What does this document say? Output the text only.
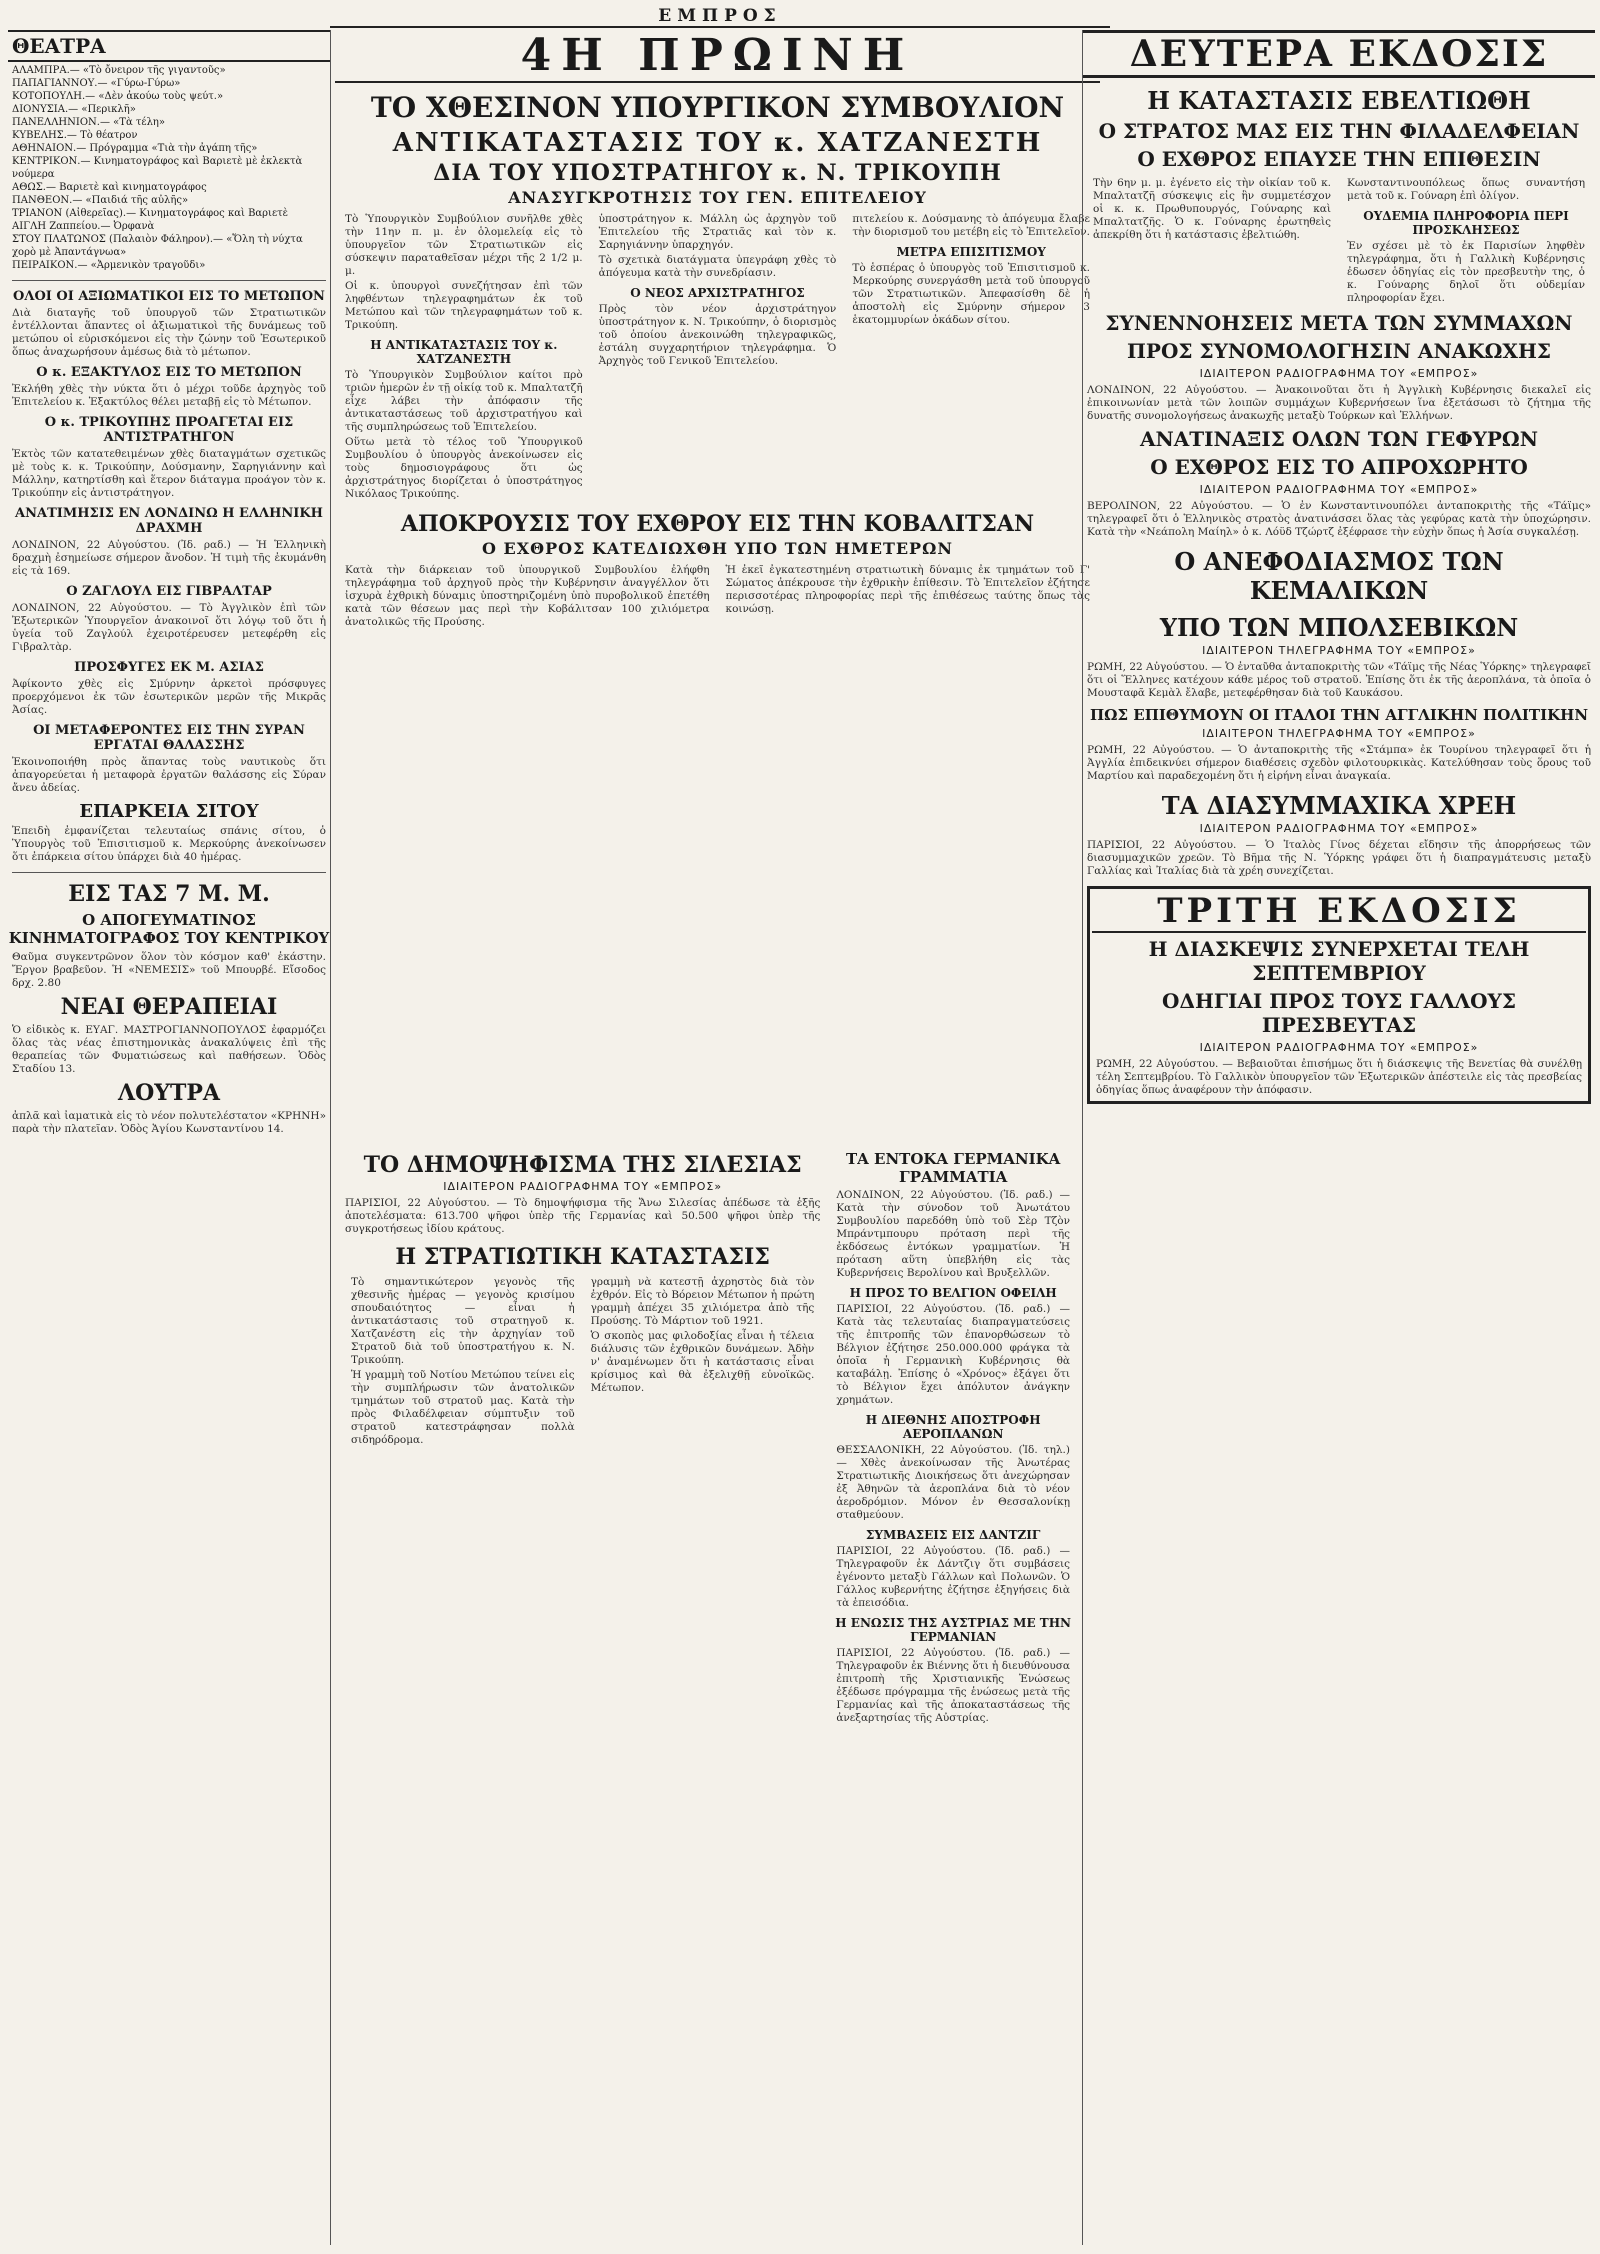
ΕΜΠΡΟΣ
ΘΕΑΤΡΑ
ΑΛΑΜΠΡΑ.— «Τὸ ὄνειρον τῆς γιγαντοῦς»
ΠΑΠΑΓΙΑΝΝΟΥ.— «Γύρω-Γύρω»
ΚΟΤΟΠΟΥΛΗ.— «Δὲν ἀκούω τοὺς ψεύτ.»
ΔΙΟΝΥΣΙΑ.— «Περικλῆ»
ΠΑΝΕΛΛΗΝΙΟΝ.— «Τὰ τέλη»
ΚΥΒΕΛΗΣ.— Τὸ θέατρον
ΑΘΗΝΑΙΟΝ.— Πρόγραμμα «Τιὰ τὴν ἀγάπη τῆς»
ΚΕΝΤΡΙΚΟΝ.— Κινηματογράφος καὶ Βαριετὲ μὲ ἐκλεκτὰ νούμερα
ΑΘΩΣ.— Βαριετὲ καὶ κινηματογράφος
ΠΑΝΘΕΟΝ.— «Παιδιά τῆς αὐλῆς»
ΤΡΙΑΝΟΝ (Αἰθερεῖας).— Κινηματογράφος καὶ Βαριετὲ
ΑΙΓΛΗ Ζαππείου.— Ὀρφανὰ
ΣΤΟΥ ΠΛΑΤΩΝΟΣ (Παλαιὸν Φάληρον).— «Ὅλη τὴ νύχτα χορὸ μὲ Ἀπαντάγνωα»
ΠΕΙΡΑΙΚΟΝ.— «Ἀρμενικὸν τραγοῦδι»
ΟΛΟΙ ΟΙ ΑΞΙΩΜΑΤΙΚΟΙ ΕΙΣ ΤΟ ΜΕΤΩΠΟΝ
Διὰ διαταγῆς τοῦ ὑπουργοῦ τῶν Στρατιωτικῶν ἐντέλλονται ἅπαντες οἱ ἀξιωματικοὶ τῆς δυνάμεως τοῦ μετώπου οἱ εὑρισκόμενοι εἰς τὴν ζώνην τοῦ Ἐσωτερικοῦ ὅπως ἀναχωρήσουν ἀμέσως διὰ τὸ μέτωπον.
Ο κ. ΕΞΑΚΤΥΛΟΣ ΕΙΣ ΤΟ ΜΕΤΩΠΟΝ
Ἐκλήθη χθὲς τὴν νύκτα ὅτι ὁ μέχρι τοῦδε ἀρχηγὸς τοῦ Ἐπιτελείου κ. Ἐξακτύλος θέλει μεταβῇ εἰς τὸ Μέτωπον.
Ο κ. ΤΡΙΚΟΥΠΗΣ ΠΡΟΑΓΕΤΑΙ ΕΙΣ ΑΝΤΙΣΤΡΑΤΗΓΟΝ
Ἐκτὸς τῶν κατατεθειμένων χθὲς διαταγμάτων σχετικῶς μὲ τοὺς κ. κ. Τρικούπην, Δούσμανην, Σαρηγιάννην καὶ Μάλλην, κατηρτίσθη καὶ ἕτερον διάταγμα προάγον τὸν κ. Τρικούπην εἰς ἀντιστράτηγον.
ΑΝΑΤΙΜΗΣΙΣ ΕΝ ΛΟΝΔΙΝΩ Η ΕΛΛΗΝΙΚΗ ΔΡΑΧΜΗ
ΛΟΝΔΙΝΟΝ, 22 Αὐγούστου. (Ἰδ. ραδ.) — Ἡ Ἑλληνικὴ δραχμὴ ἐσημείωσε σήμερον ἄνοδον. Ἡ τιμὴ τῆς ἐκυμάνθη εἰς τὰ 169.
Ο ΖΑΓΛΟΥΛ ΕΙΣ ΓΙΒΡΑΛΤΑΡ
ΛΟΝΔΙΝΟΝ, 22 Αὐγούστου. — Τὸ Ἀγγλικὸν ἐπὶ τῶν Ἐξωτερικῶν Ὑπουργεῖον ἀνακοινοῖ ὅτι λόγῳ τοῦ ὅτι ἡ ὑγεία τοῦ Ζαγλούλ ἐχειροτέρευσεν μετεφέρθη εἰς Γιβραλτὰρ.
ΠΡΟΣΦΥΓΕΣ ΕΚ Μ. ΑΣΙΑΣ
Ἀφίκοντο χθὲς εἰς Σμύρνην ἀρκετοὶ πρόσφυγες προερχόμενοι ἐκ τῶν ἐσωτερικῶν μερῶν τῆς Μικρᾶς Ἀσίας.
ΟΙ ΜΕΤΑΦΕΡΟΝΤΕΣ ΕΙΣ ΤΗΝ ΣΥΡΑΝ ΕΡΓΑΤΑΙ ΘΑΛΑΣΣΗΣ
Ἐκοινοποιήθη πρὸς ἅπαντας τοὺς ναυτικοὺς ὅτι ἀπαγορεύεται ἡ μεταφορὰ ἐργατῶν θαλάσσης εἰς Σύραν ἄνευ ἀδείας.
ΕΠΑΡΚΕΙΑ ΣΙΤΟΥ
Ἐπειδὴ ἐμφανίζεται τελευταίως σπάνις σίτου, ὁ Ὑπουργὸς τοῦ Ἐπισιτισμοῦ κ. Μερκούρης ἀνεκοίνωσεν ὅτι ἐπάρκεια σίτου ὑπάρχει διὰ 40 ἡμέρας.
ΕΙΣ ΤΑΣ 7 Μ. Μ.
Ο ΑΠΟΓΕΥΜΑΤΙΝΟΣ ΚΙΝΗΜΑΤΟΓΡΑΦΟΣ ΤΟΥ ΚΕΝΤΡΙΚΟΥ
Θαῦμα συγκεντρῶνον ὅλον τὸν κόσμον καθ' ἑκάστην. Ἔργον βραβεῦον. Ἡ «ΝΕΜΕΣΙΣ» τοῦ Μπουρβέ. Εἴσοδος δρχ. 2.80
ΝΕΑΙ ΘΕΡΑΠΕΙΑΙ
Ὁ εἰδικὸς κ. ΕΥΑΓ. ΜΑΣΤΡΟΓΙΑΝΝΟΠΟΥΛΟΣ ἐφαρμόζει ὅλας τὰς νέας ἐπιστημονικὰς ἀνακαλύψεις ἐπὶ τῆς θεραπείας τῶν Φυματιώσεως καὶ παθήσεων. Ὁδὸς Σταδίου 13.
ΛΟΥΤΡΑ
ἀπλᾶ καὶ ἰαματικὰ εἰς τὸ νέον πολυτελέστατον «ΚΡΗΝΗ» παρὰ τὴν πλατεῖαν. Ὁδὸς Ἁγίου Κωνσταντίνου 14.
4Η ΠΡΩΙΝΗ
ΤΟ ΧΘΕΣΙΝΟΝ ΥΠΟΥΡΓΙΚΟΝ ΣΥΜΒΟΥΛΙΟΝ
ΑΝΤΙΚΑΤΑΣΤΑΣΙΣ ΤΟΥ κ. ΧΑΤΖΑΝΕΣΤΗ
ΔΙΑ ΤΟΥ ΥΠΟΣΤΡΑΤΗΓΟΥ κ. Ν. ΤΡΙΚΟΥΠΗ
ΑΝΑΣΥΓΚΡΟΤΗΣΙΣ ΤΟΥ ΓΕΝ. ΕΠΙΤΕΛΕΙΟΥ
Τὸ Ὑπουργικὸν Συμβούλιον συνῆλθε χθὲς τὴν 11ην π. μ. ἐν ὁλομελείᾳ εἰς τὸ ὑπουργεῖον τῶν Στρατιωτικῶν εἰς σύσκεψιν παραταθεῖσαν μέχρι τῆς 2 1/2 μ. μ.
Οἱ κ. ὑπουργοὶ συνεζήτησαν ἐπὶ τῶν ληφθέντων τηλεγραφημάτων ἐκ τοῦ Μετώπου καὶ τῶν τηλεγραφημάτων τοῦ κ. Τρικούπη.
Η ΑΝΤΙΚΑΤΑΣΤΑΣΙΣ ΤΟΥ κ. ΧΑΤΖΑΝΕΣΤΗ
Τὸ Ὑπουργικὸν Συμβούλιον καίτοι πρὸ τριῶν ἡμερῶν ἐν τῇ οἰκίᾳ τοῦ κ. Μπαλτατζῆ εἶχε λάβει τὴν ἀπόφασιν τῆς ἀντικαταστάσεως τοῦ ἀρχιστρατήγου καὶ τῆς συμπληρώσεως τοῦ Ἐπιτελείου.
Οὕτω μετὰ τὸ τέλος τοῦ Ὑπουργικοῦ Συμβουλίου ὁ ὑπουργὸς ἀνεκοίνωσεν εἰς τοὺς δημοσιογράφους ὅτι ὡς ἀρχιστράτηγος διορίζεται ὁ ὑποστράτηγος Νικόλαος Τρικούπης.
ὑποστράτηγον κ. Μάλλη ὡς ἀρχηγὸν τοῦ Ἐπιτελείου τῆς Στρατιᾶς καὶ τὸν κ. Σαρηγιάννην ὑπαρχηγόν.
Τὸ σχετικὰ διατάγματα ὑπεγράφη χθὲς τὸ ἀπόγευμα κατὰ τὴν συνεδρίασιν.
Ο ΝΕΟΣ ΑΡΧΙΣΤΡΑΤΗΓΟΣ
Πρὸς τὸν νέον ἀρχιστράτηγον ὑποστράτηγον κ. Ν. Τρικούπην, ὁ διορισμὸς τοῦ ὁποίου ἀνεκοινώθη τηλεγραφικῶς, ἐστάλη συγχαρητήριον τηλεγράφημα. Ὁ Ἀρχηγὸς τοῦ Γενικοῦ Ἐπιτελείου.
πιτελείου κ. Δούσμανης τὸ ἀπόγευμα ἔλαβε τὴν διορισμοῦ του μετέβη εἰς τὸ Ἐπιτελεῖον.
ΜΕΤΡΑ ΕΠΙΣΙΤΙΣΜΟΥ
Τὸ ἑσπέρας ὁ ὑπουργὸς τοῦ Ἐπισιτισμοῦ κ. Μερκούρης συνεργάσθη μετὰ τοῦ ὑπουργοῦ τῶν Στρατιωτικῶν. Ἀπεφασίσθη δὲ ἡ ἀποστολὴ εἰς Σμύρνην σήμερον 3 ἑκατομμυρίων ὀκάδων σίτου.
ΑΠΟΚΡΟΥΣΙΣ ΤΟΥ ΕΧΘΡΟΥ ΕΙΣ ΤΗΝ ΚΟΒΑΛΙΤΣΑΝ
Ο ΕΧΘΡΟΣ ΚΑΤΕΔΙΩΧΘΗ ΥΠΟ ΤΩΝ ΗΜΕΤΕΡΩΝ
Κατὰ τὴν διάρκειαν τοῦ ὑπουργικοῦ Συμβουλίου ἐλήφθη τηλεγράφημα τοῦ ἀρχηγοῦ πρὸς τὴν Κυβέρνησιν ἀναγγέλλον ὅτι ἰσχυρὰ ἐχθρικὴ δύναμις ὑποστηριζομένη ὑπὸ πυροβολικοῦ ἐπετέθη κατὰ τῶν θέσεων μας περὶ τὴν Κοβάλιτσαν 100 χιλιόμετρα ἀνατολικῶς τῆς Προύσης.
Ἡ ἐκεῖ ἐγκατεστημένη στρατιωτικὴ δύναμις ἐκ τμημάτων τοῦ Γ' Σώματος ἀπέκρουσε τὴν ἐχθρικὴν ἐπίθεσιν. Τὸ Ἐπιτελεῖον ἐζήτησε περισσοτέρας πληροφορίας περὶ τῆς ἐπιθέσεως ταύτης ὅπως τὰς κοινώσῃ.
ΤΟ ΔΗΜΟΨΗΦΙΣΜΑ ΤΗΣ ΣΙΛΕΣΙΑΣ
ΙΔΙΑΙΤΕΡΟΝ ΡΑΔΙΟΓΡΑΦΗΜΑ ΤΟΥ «ΕΜΠΡΟΣ»
ΠΑΡΙΣΙΟΙ, 22 Αὐγούστου. — Τὸ δημοψήφισμα τῆς Ἄνω Σιλεσίας ἀπέδωσε τὰ ἑξῆς ἀποτελέσματα: 613.700 ψῆφοι ὑπὲρ τῆς Γερμανίας καὶ 50.500 ψῆφοι ὑπὲρ τῆς συγκροτήσεως ἰδίου κράτους.
Η ΣΤΡΑΤΙΩΤΙΚΗ ΚΑΤΑΣΤΑΣΙΣ
Τὸ σημαντικώτερον γεγονὸς τῆς χθεσινῆς ἡμέρας — γεγονὸς κρισίμου σπουδαιότητος — εἶναι ἡ ἀντικατάστασις τοῦ στρατηγοῦ κ. Χατζανέστη εἰς τὴν ἀρχηγίαν τοῦ Στρατοῦ διὰ τοῦ ὑποστρατήγου κ. Ν. Τρικούπη.
Ἡ γραμμὴ τοῦ Νοτίου Μετώπου τείνει εἰς τὴν συμπλήρωσιν τῶν ἀνατολικῶν τμημάτων τοῦ στρατοῦ μας. Κατὰ τὴν πρὸς Φιλαδέλφειαν σύμπτυξιν τοῦ στρατοῦ κατεστράφησαν πολλὰ σιδηρόδρομα.
γραμμὴ νὰ κατεστῇ ἀχρηστὸς διὰ τὸν ἐχθρόν. Εἰς τὸ Βόρειον Μέτωπον ἡ πρώτη γραμμὴ ἀπέχει 35 χιλιόμετρα ἀπὸ τῆς Προύσης. Τὸ Μάρτιον τοῦ 1921.
Ὁ σκοπὸς μας φιλοδοξίας εἶναι ἡ τέλεια διάλυσις τῶν ἐχθρικῶν δυνάμεων. Ἀδὴν ν' ἀναμένωμεν ὅτι ἡ κατάστασις εἶναι κρίσιμος καὶ θὰ ἐξελιχθῇ εὐνοϊκῶς. Μέτωπον.
ΤΑ ΕΝΤΟΚΑ ΓΕΡΜΑΝΙΚΑ ΓΡΑΜΜΑΤΙΑ
ΛΟΝΔΙΝΟΝ, 22 Αὐγούστου. (Ἰδ. ραδ.) — Κατὰ τὴν σύνοδον τοῦ Ἀνωτάτου Συμβουλίου παρεδόθη ὑπὸ τοῦ Σὲρ Τζὸν Μπράντμπουρυ πρόταση περὶ τῆς ἐκδόσεως ἐντόκων γραμματίων. Ἡ πρόταση αὕτη ὑπεβλήθη εἰς τὰς Κυβερνήσεις Βερολίνου καὶ Βρυξελλῶν.
Η ΠΡΟΣ ΤΟ ΒΕΛΓΙΟΝ ΟΦΕΙΛΗ
ΠΑΡΙΣΙΟΙ, 22 Αὐγούστου. (Ἰδ. ραδ.) — Κατὰ τὰς τελευταίας διαπραγματεύσεις τῆς ἐπιτροπῆς τῶν ἐπανορθώσεων τὸ Βέλγιον ἐζήτησε 250.000.000 φράγκα τὰ ὁποῖα ἡ Γερμανικὴ Κυβέρνησις θὰ καταβάλῃ. Ἐπίσης ὁ «Χρόνος» ἐξάγει ὅτι τὸ Βέλγιον ἔχει ἀπόλυτον ἀνάγκην χρημάτων.
Η ΔΙΕΘΝΗΣ ΑΠΟΣΤΡΟΦΗ ΑΕΡΟΠΛΑΝΩΝ
ΘΕΣΣΑΛΟΝΙΚΗ, 22 Αὐγούστου. (Ἰδ. τηλ.) — Χθὲς ἀνεκοίνωσαν τῆς Ἀνωτέρας Στρατιωτικῆς Διοικήσεως ὅτι ἀνεχώρησαν ἐξ Ἀθηνῶν τὰ ἀεροπλάνα διὰ τὸ νέον ἀεροδρόμιον. Μόνον ἐν Θεσσαλονίκῃ σταθμεύουν.
ΣΥΜΒΑΣΕΙΣ ΕΙΣ ΔΑΝΤΖΙΓ
ΠΑΡΙΣΙΟΙ, 22 Αὐγούστου. (Ἰδ. ραδ.) — Τηλεγραφοῦν ἐκ Δάντζιγ ὅτι συμβάσεις ἐγένοντο μεταξὺ Γάλλων καὶ Πολωνῶν. Ὁ Γάλλος κυβερνήτης ἐζήτησε ἐξηγήσεις διὰ τὰ ἐπεισόδια.
Η ΕΝΩΣΙΣ ΤΗΣ ΑΥΣΤΡΙΑΣ ΜΕ ΤΗΝ ΓΕΡΜΑΝΙΑΝ
ΠΑΡΙΣΙΟΙ, 22 Αὐγούστου. (Ἰδ. ραδ.) — Τηλεγραφοῦν ἐκ Βιέννης ὅτι ἡ διευθύνουσα ἐπιτροπὴ τῆς Χριστιανικῆς Ἑνώσεως ἐξέδωσε πρόγραμμα τῆς ἑνώσεως μετὰ τῆς Γερμανίας καὶ τῆς ἀποκαταστάσεως τῆς ἀνεξαρτησίας τῆς Αὐστρίας.
ΔΕΥΤΕΡΑ ΕΚΔΟΣΙΣ
Η ΚΑΤΑΣΤΑΣΙΣ ΕΒΕΛΤΙΩΘΗ
Ο ΣΤΡΑΤΟΣ ΜΑΣ ΕΙΣ ΤΗΝ ΦΙΛΑΔΕΛΦΕΙΑΝ
Ο ΕΧΘΡΟΣ ΕΠΑΥΣΕ ΤΗΝ ΕΠΙΘΕΣΙΝ
Τὴν 6ην μ. μ. ἐγένετο εἰς τὴν οἰκίαν τοῦ κ. Μπαλτατζῆ σύσκεψις εἰς ἣν συμμετέσχον οἱ κ. κ. Πρωθυπουργός, Γούναρης καὶ Μπαλτατζῆς. Ὁ κ. Γούναρης ἐρωτηθεὶς ἀπεκρίθη ὅτι ἡ κατάστασις ἐβελτιώθη.
Κωνσταντινουπόλεως ὅπως συναντήση μετὰ τοῦ κ. Γούναρη ἐπὶ ὀλίγον.
ΟΥΔΕΜΙΑ ΠΛΗΡΟΦΟΡΙΑ ΠΕΡΙ ΠΡΟΣΚΛΗΣΕΩΣ
Ἐν σχέσει μὲ τὸ ἐκ Παρισίων ληφθὲν τηλεγράφημα, ὅτι ἡ Γαλλικὴ Κυβέρνησις ἐδωσεν ὁδηγίας εἰς τὸν πρεσβευτὴν της, ὁ κ. Γούναρης δηλοῖ ὅτι οὐδεμίαν πληροφορίαν ἔχει.
ΣΥΝΕΝΝΟΗΣΕΙΣ ΜΕΤΑ ΤΩΝ ΣΥΜΜΑΧΩΝ
ΠΡΟΣ ΣΥΝΟΜΟΛΟΓΗΣΙΝ ΑΝΑΚΩΧΗΣ
ΙΔΙΑΙΤΕΡΟΝ ΡΑΔΙΟΓΡΑΦΗΜΑ ΤΟΥ «ΕΜΠΡΟΣ»
ΛΟΝΔΙΝΟΝ, 22 Αὐγούστου. — Ἀνακοινοῦται ὅτι ἡ Ἀγγλικὴ Κυβέρνησις διεκαλεῖ εἰς ἐπικοινωνίαν μετὰ τῶν λοιπῶν συμμάχων Κυβερνήσεων ἵνα ἐξετάσωσι τὸ ζήτημα τῆς δυνατῆς συνομολογήσεως ἀνακωχῆς μεταξὺ Τούρκων καὶ Ἑλλήνων.
ΑΝΑΤΙΝΑΞΙΣ ΟΛΩΝ ΤΩΝ ΓΕΦΥΡΩΝ
Ο ΕΧΘΡΟΣ ΕΙΣ ΤΟ ΑΠΡΟΧΩΡΗΤΟ
ΙΔΙΑΙΤΕΡΟΝ ΡΑΔΙΟΓΡΑΦΗΜΑ ΤΟΥ «ΕΜΠΡΟΣ»
ΒΕΡΟΛΙΝΟΝ, 22 Αὐγούστου. — Ὁ ἐν Κωνσταντινουπόλει ἀνταποκριτὴς τῆς «Τάϊμς» τηλεγραφεῖ ὅτι ὁ Ἑλληνικὸς στρατὸς ἀνατινάσσει ὅλας τὰς γεφύρας κατὰ τὴν ὑποχώρησιν. Κατὰ τὴν «Νεάπολη Μαίηλ» ὁ κ. Λόϋδ Τζώρτζ ἐξέφρασε τὴν εὐχὴν ὅπως ἡ Ἀσία συγκαλέσῃ.
Ο ΑΝΕΦΟΔΙΑΣΜΟΣ ΤΩΝ ΚΕΜΑΛΙΚΩΝ
ΥΠΟ ΤΩΝ ΜΠΟΛΣΕΒΙΚΩΝ
ΙΔΙΑΙΤΕΡΟΝ ΤΗΛΕΓΡΑΦΗΜΑ ΤΟΥ «ΕΜΠΡΟΣ»
ΡΩΜΗ, 22 Αὐγούστου. — Ὁ ἐνταῦθα ἀνταποκριτὴς τῶν «Τάϊμς τῆς Νέας Ὑόρκης» τηλεγραφεῖ ὅτι οἱ Ἕλληνες κατέχουν κάθε μέρος τοῦ στρατοῦ. Ἐπίσης ὅτι ἐκ τῆς ἀεροπλάνα, τὰ ὁποῖα ὁ Μουσταφᾶ Κεμὰλ ἔλαβε, μετεφέρθησαν διὰ τοῦ Καυκάσου.
ΠΩΣ ΕΠΙΘΥΜΟΥΝ ΟΙ ΙΤΑΛΟΙ ΤΗΝ ΑΓΓΛΙΚΗΝ ΠΟΛΙΤΙΚΗΝ
ΙΔΙΑΙΤΕΡΟΝ ΤΗΛΕΓΡΑΦΗΜΑ ΤΟΥ «ΕΜΠΡΟΣ»
ΡΩΜΗ, 22 Αὐγούστου. — Ὁ ἀνταποκριτὴς τῆς «Στάμπα» ἐκ Τουρίνου τηλεγραφεῖ ὅτι ἡ Ἀγγλία ἐπιδεικνύει σήμερον διαθέσεις σχεδὸν φιλοτουρκικὰς. Κατελύθησαν τοὺς ὅρους τοῦ Μαρτίου καὶ παραδεχομένη ὅτι ἡ εἰρήνη εἶναι ἀναγκαία.
ΤΑ ΔΙΑΣΥΜΜΑΧΙΚΑ ΧΡΕΗ
ΙΔΙΑΙΤΕΡΟΝ ΡΑΔΙΟΓΡΑΦΗΜΑ ΤΟΥ «ΕΜΠΡΟΣ»
ΠΑΡΙΣΙΟΙ, 22 Αὐγούστου. — Ὁ Ἰταλὸς Γίνος δέχεται εἴδησιν τῆς ἀπορρήσεως τῶν διασυμμαχικῶν χρεῶν. Τὸ Βῆμα τῆς Ν. Ὑόρκης γράφει ὅτι ἡ διαπραγμάτευσις μεταξὺ Γαλλίας καὶ Ἰταλίας διὰ τὰ χρέη συνεχίζεται.
ΤΡΙΤΗ ΕΚΔΟΣΙΣ
Η ΔΙΑΣΚΕΨΙΣ ΣΥΝΕΡΧΕΤΑΙ ΤΕΛΗ ΣΕΠΤΕΜΒΡΙΟΥ
ΟΔΗΓΙΑΙ ΠΡΟΣ ΤΟΥΣ ΓΑΛΛΟΥΣ ΠΡΕΣΒΕΥΤΑΣ
ΙΔΙΑΙΤΕΡΟΝ ΡΑΔΙΟΓΡΑΦΗΜΑ ΤΟΥ «ΕΜΠΡΟΣ»
ΡΩΜΗ, 22 Αὐγούστου. — Βεβαιοῦται ἐπισήμως ὅτι ἡ διάσκεψις τῆς Βενετίας θὰ συνέλθῃ τέλη Σεπτεμβρίου. Τὸ Γαλλικὸν ὑπουργεῖον τῶν Ἐξωτερικῶν ἀπέστειλε εἰς τὰς πρεσβείας ὁδηγίας ὅπως ἀναφέρουν τὴν ἀπόφασιν.
